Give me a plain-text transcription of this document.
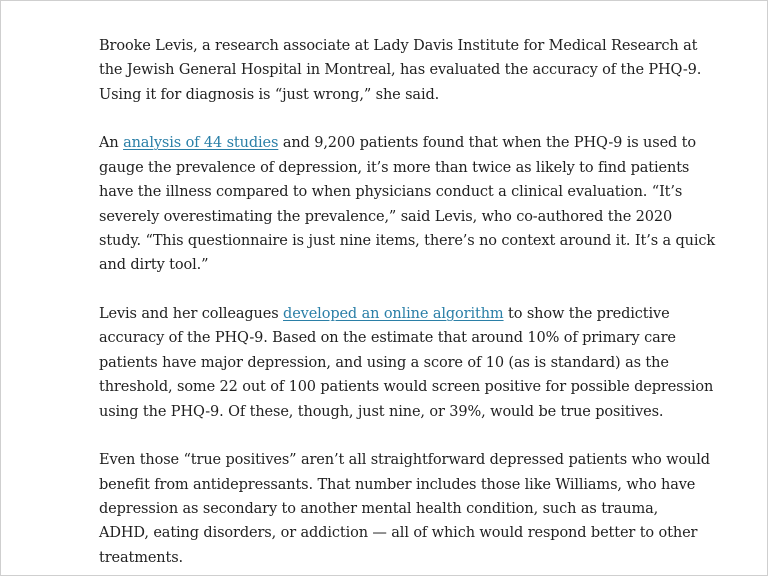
Brooke Levis, a research associate at Lady Davis Institute for Medical Research at
the Jewish General Hospital in Montreal, has evaluated the accuracy of the PHQ-9.
Using it for diagnosis is “just wrong,” she said.

An analysis of 44 studies and 9,200 patients found that when the PHQ-9 is used to
gauge the prevalence of depression, it’s more than twice as likely to find patients
have the illness compared to when physicians conduct a clinical evaluation. “It’s
severely overestimating the prevalence,” said Levis, who co-authored the 2020
study. “This questionnaire is just nine items, there’s no context around it. It’s a quick
and dirty tool.”

Levis and her colleagues developed an online algorithm to show the predictive
accuracy of the PHQ-9. Based on the estimate that around 10% of primary care
patients have major depression, and using a score of 10 (as is standard) as the
threshold, some 22 out of 100 patients would screen positive for possible depression
using the PHQ-9. Of these, though, just nine, or 39%, would be true positives.

Even those “true positives” aren’t all straightforward depressed patients who would
benefit from antidepressants. That number includes those like Williams, who have
depression as secondary to another mental health condition, such as trauma,
ADHD, eating disorders, or addiction — all of which would respond better to other
treatments.
